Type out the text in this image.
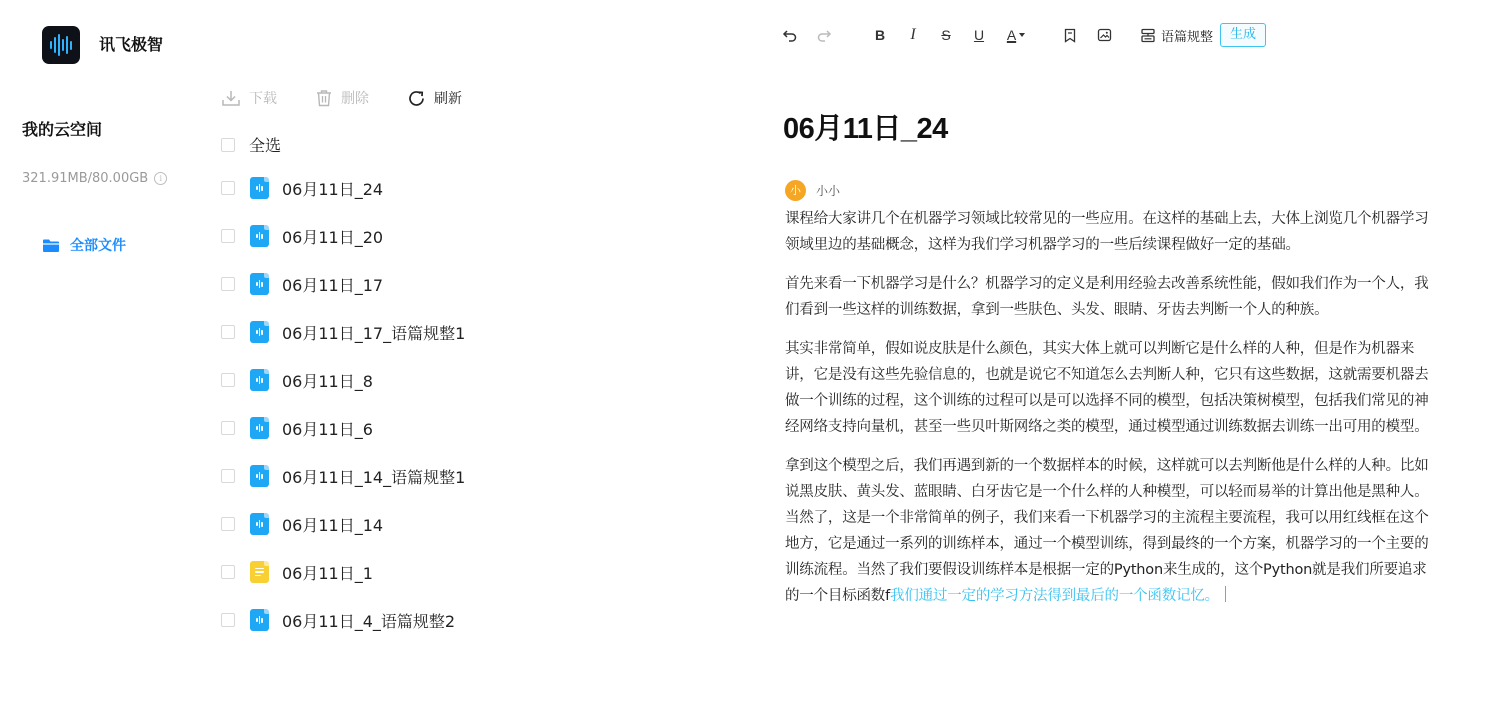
讯飞极智
我的云空间
321.91MB/80.00GB	i
全部文件
下载	删除	刷新
全选
06月11日_24
06月11日_20
06月11日_17
06月11日_17_语篇规整1
06月11日_8
06月11日_6
06月11日_14_语篇规整1
06月11日_14
06月11日_1
06月11日_4_语篇规整2
B	I	S	U	A	语篇规整	生成
06月11日_24
小	小小

课程给大家讲几个在机器学习领域比较常见的一些应用。在这样的基础上去，大体上浏览几个机器学习领域里边的基础概念，这样为我们学习机器学习的一些后续课程做好一定的基础。

首先来看一下机器学习是什么？机器学习的定义是利用经验去改善系统性能，假如我们作为一个人，我们看到一些这样的训练数据，拿到一些肤色、头发、眼睛、牙齿去判断一个人的种族。

其实非常简单，假如说皮肤是什么颜色，其实大体上就可以判断它是什么样的人种，但是作为机器来讲，它是没有这些先验信息的，也就是说它不知道怎么去判断人种，它只有这些数据，这就需要机器去做一个训练的过程，这个训练的过程可以是可以选择不同的模型，包括决策树模型，包括我们常见的神经网络支持向量机，甚至一些贝叶斯网络之类的模型，通过模型通过训练数据去训练一出可用的模型。

拿到这个模型之后，我们再遇到新的一个数据样本的时候，这样就可以去判断他是什么样的人种。比如说黑皮肤、黄头发、蓝眼睛、白牙齿它是一个什么样的人种模型，可以轻而易举的计算出他是黑种人。当然了，这是一个非常简单的例子，我们来看一下机器学习的主流程主要流程，我可以用红线框在这个地方，它是通过一系列的训练样本，通过一个模型训练，得到最终的一个方案，机器学习的一个主要的训练流程。当然了我们要假设训练样本是根据一定的Python来生成的，这个Python就是我们所要追求的一个目标函数f我们通过一定的学习方法得到最后的一个函数记忆。
